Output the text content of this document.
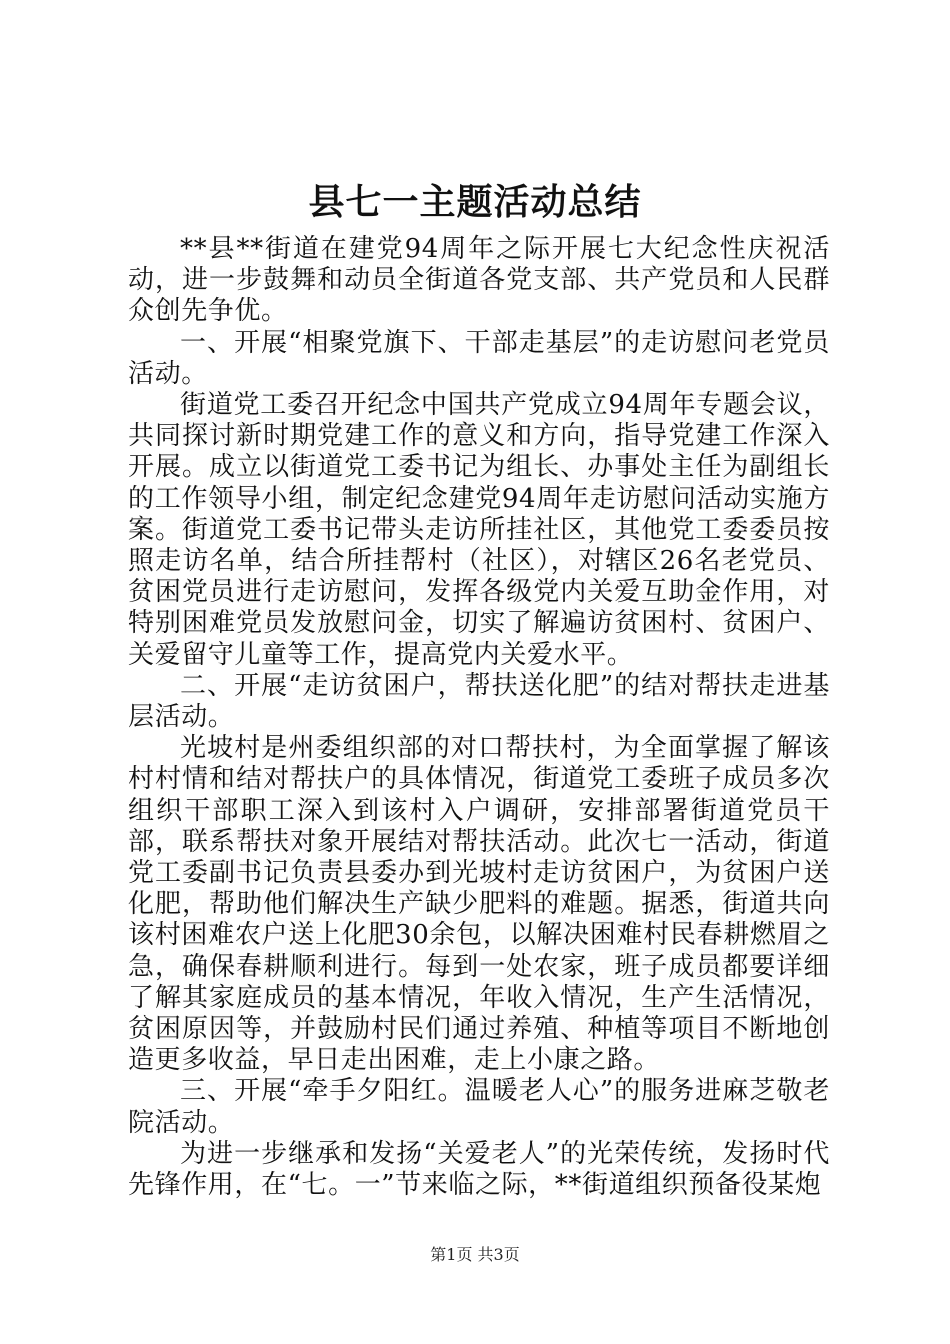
县七一主题活动总结

**县**街道在建党94周年之际开展七大纪念性庆祝活动，进一步鼓舞和动员全街道各党支部、共产党员和人民群众创先争优。

一、开展“相聚党旗下、干部走基层”的走访慰问老党员活动。

街道党工委召开纪念中国共产党成立94周年专题会议，共同探讨新时期党建工作的意义和方向，指导党建工作深入开展。成立以街道党工委书记为组长、办事处主任为副组长的工作领导小组，制定纪念建党94周年走访慰问活动实施方案。街道党工委书记带头走访所挂社区，其他党工委委员按照走访名单，结合所挂帮村（社区），对辖区26名老党员、贫困党员进行走访慰问，发挥各级党内关爱互助金作用，对特别困难党员发放慰问金，切实了解遍访贫困村、贫困户、关爱留守儿童等工作，提高党内关爱水平。

二、开展“走访贫困户，帮扶送化肥”的结对帮扶走进基层活动。

光坡村是州委组织部的对口帮扶村，为全面掌握了解该村村情和结对帮扶户的具体情况，街道党工委班子成员多次组织干部职工深入到该村入户调研，安排部署街道党员干部，联系帮扶对象开展结对帮扶活动。此次七一活动，街道党工委副书记负责县委办到光坡村走访贫困户，为贫困户送化肥，帮助他们解决生产缺少肥料的难题。据悉，街道共向该村困难农户送上化肥30余包，以解决困难村民春耕燃眉之急，确保春耕顺利进行。每到一处农家，班子成员都要详细了解其家庭成员的基本情况，年收入情况，生产生活情况，贫困原因等，并鼓励村民们通过养殖、种植等项目不断地创造更多收益，早日走出困难，走上小康之路。

三、开展“牵手夕阳红。温暖老人心”的服务进麻芝敬老院活动。

为进一步继承和发扬“关爱老人”的光荣传统，发扬时代先锋作用，在“七。一”节来临之际，**街道组织预备役某炮

第1页 共3页
